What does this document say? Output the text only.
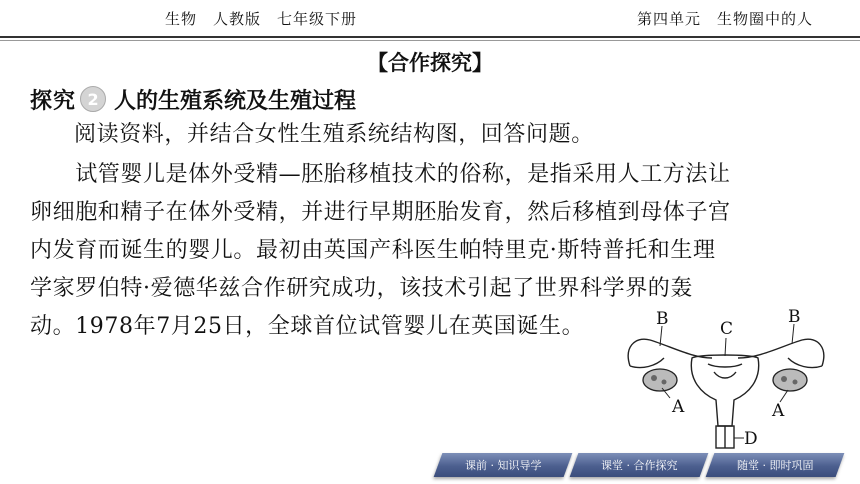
生物　人教版　七年级下册	第四单元　生物圈中的人
【合作探究】
探究 2 人的生殖系统及生殖过程
阅读资料，并结合女性生殖系统结构图，回答问题。
　　试管婴儿是体外受精—胚胎移植技术的俗称，是指采用人工方法让
卵细胞和精子在体外受精，并进行早期胚胎发育，然后移植到母体子宫
内发育而诞生的婴儿。最初由英国产科医生帕特里克·斯特普托和生理
学家罗伯特·爱德华兹合作研究成功，该技术引起了世界科学界的轰
动。1978年7月25日，全球首位试管婴儿在英国诞生。	B	C
B
A	A
D
课前 · 知识导学	课堂 · 合作探究	随堂 · 即时巩固
